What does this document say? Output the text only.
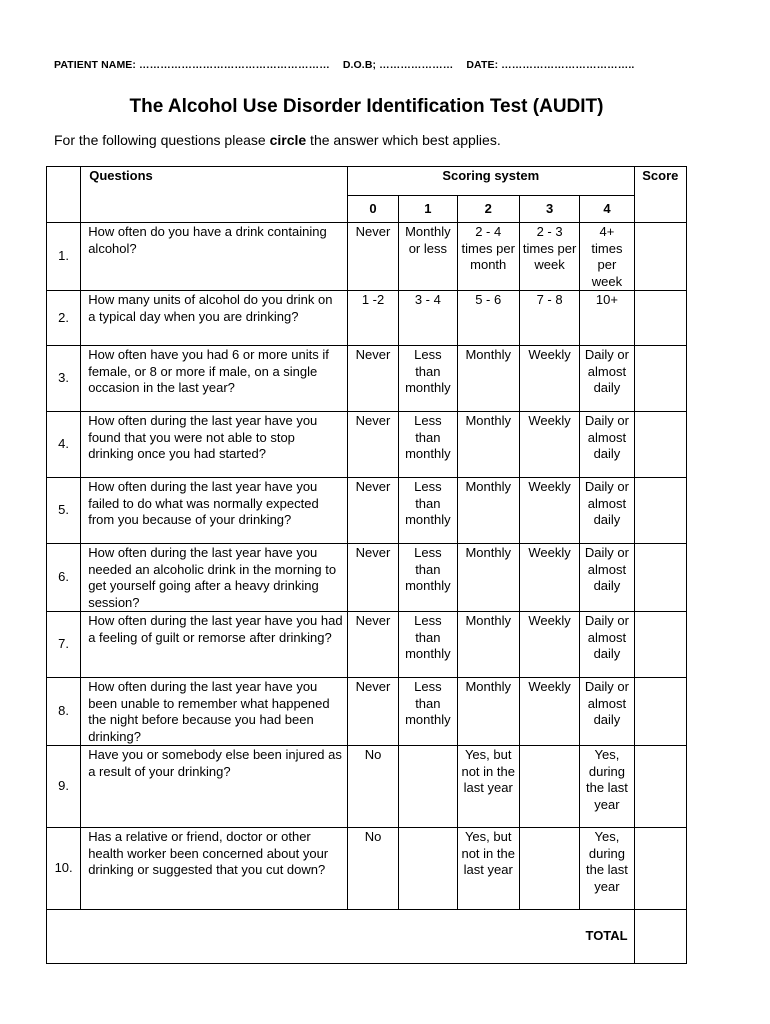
PATIENT NAME: ……………………………………………… D.O.B; ………………… DATE: ………………………………..
The Alcohol Use Disorder Identification Test (AUDIT)
For the following questions please circle the answer which best applies.
	Questions	Scoring system					Score
		0	1	2	3	4	
1.	How often do you have a drink containing alcohol?	Never	Monthly or less	2 - 4 times per month	2 - 3 times per week	4+ times per week	
2.	How many units of alcohol do you drink on a typical day when you are drinking?	1 -2	3 - 4	5 - 6	7 - 8	10+	
3.	How often have you had 6 or more units if female, or 8 or more if male, on a single occasion in the last year?	Never	Less than monthly	Monthly	Weekly	Daily or almost daily	
4.	How often during the last year have you found that you were not able to stop drinking once you had started?	Never	Less than monthly	Monthly	Weekly	Daily or almost daily	
5.	How often during the last year have you failed to do what was normally expected from you because of your drinking?	Never	Less than monthly	Monthly	Weekly	Daily or almost daily	
6.	How often during the last year have you needed an alcoholic drink in the morning to get yourself going after a heavy drinking session?	Never	Less than monthly	Monthly	Weekly	Daily or almost daily	
7.	How often during the last year have you had a feeling of guilt or remorse after drinking?	Never	Less than monthly	Monthly	Weekly	Daily or almost daily	
8.	How often during the last year have you been unable to remember what happened the night before because you had been drinking?	Never	Less than monthly	Monthly	Weekly	Daily or almost daily	
9.	Have you or somebody else been injured as a result of your drinking?	No		Yes, but not in the last year		Yes, during the last year	
10.	Has a relative or friend, doctor or other health worker been concerned about your drinking or suggested that you cut down?	No		Yes, but not in the last year		Yes, during the last year	
TOTAL							
